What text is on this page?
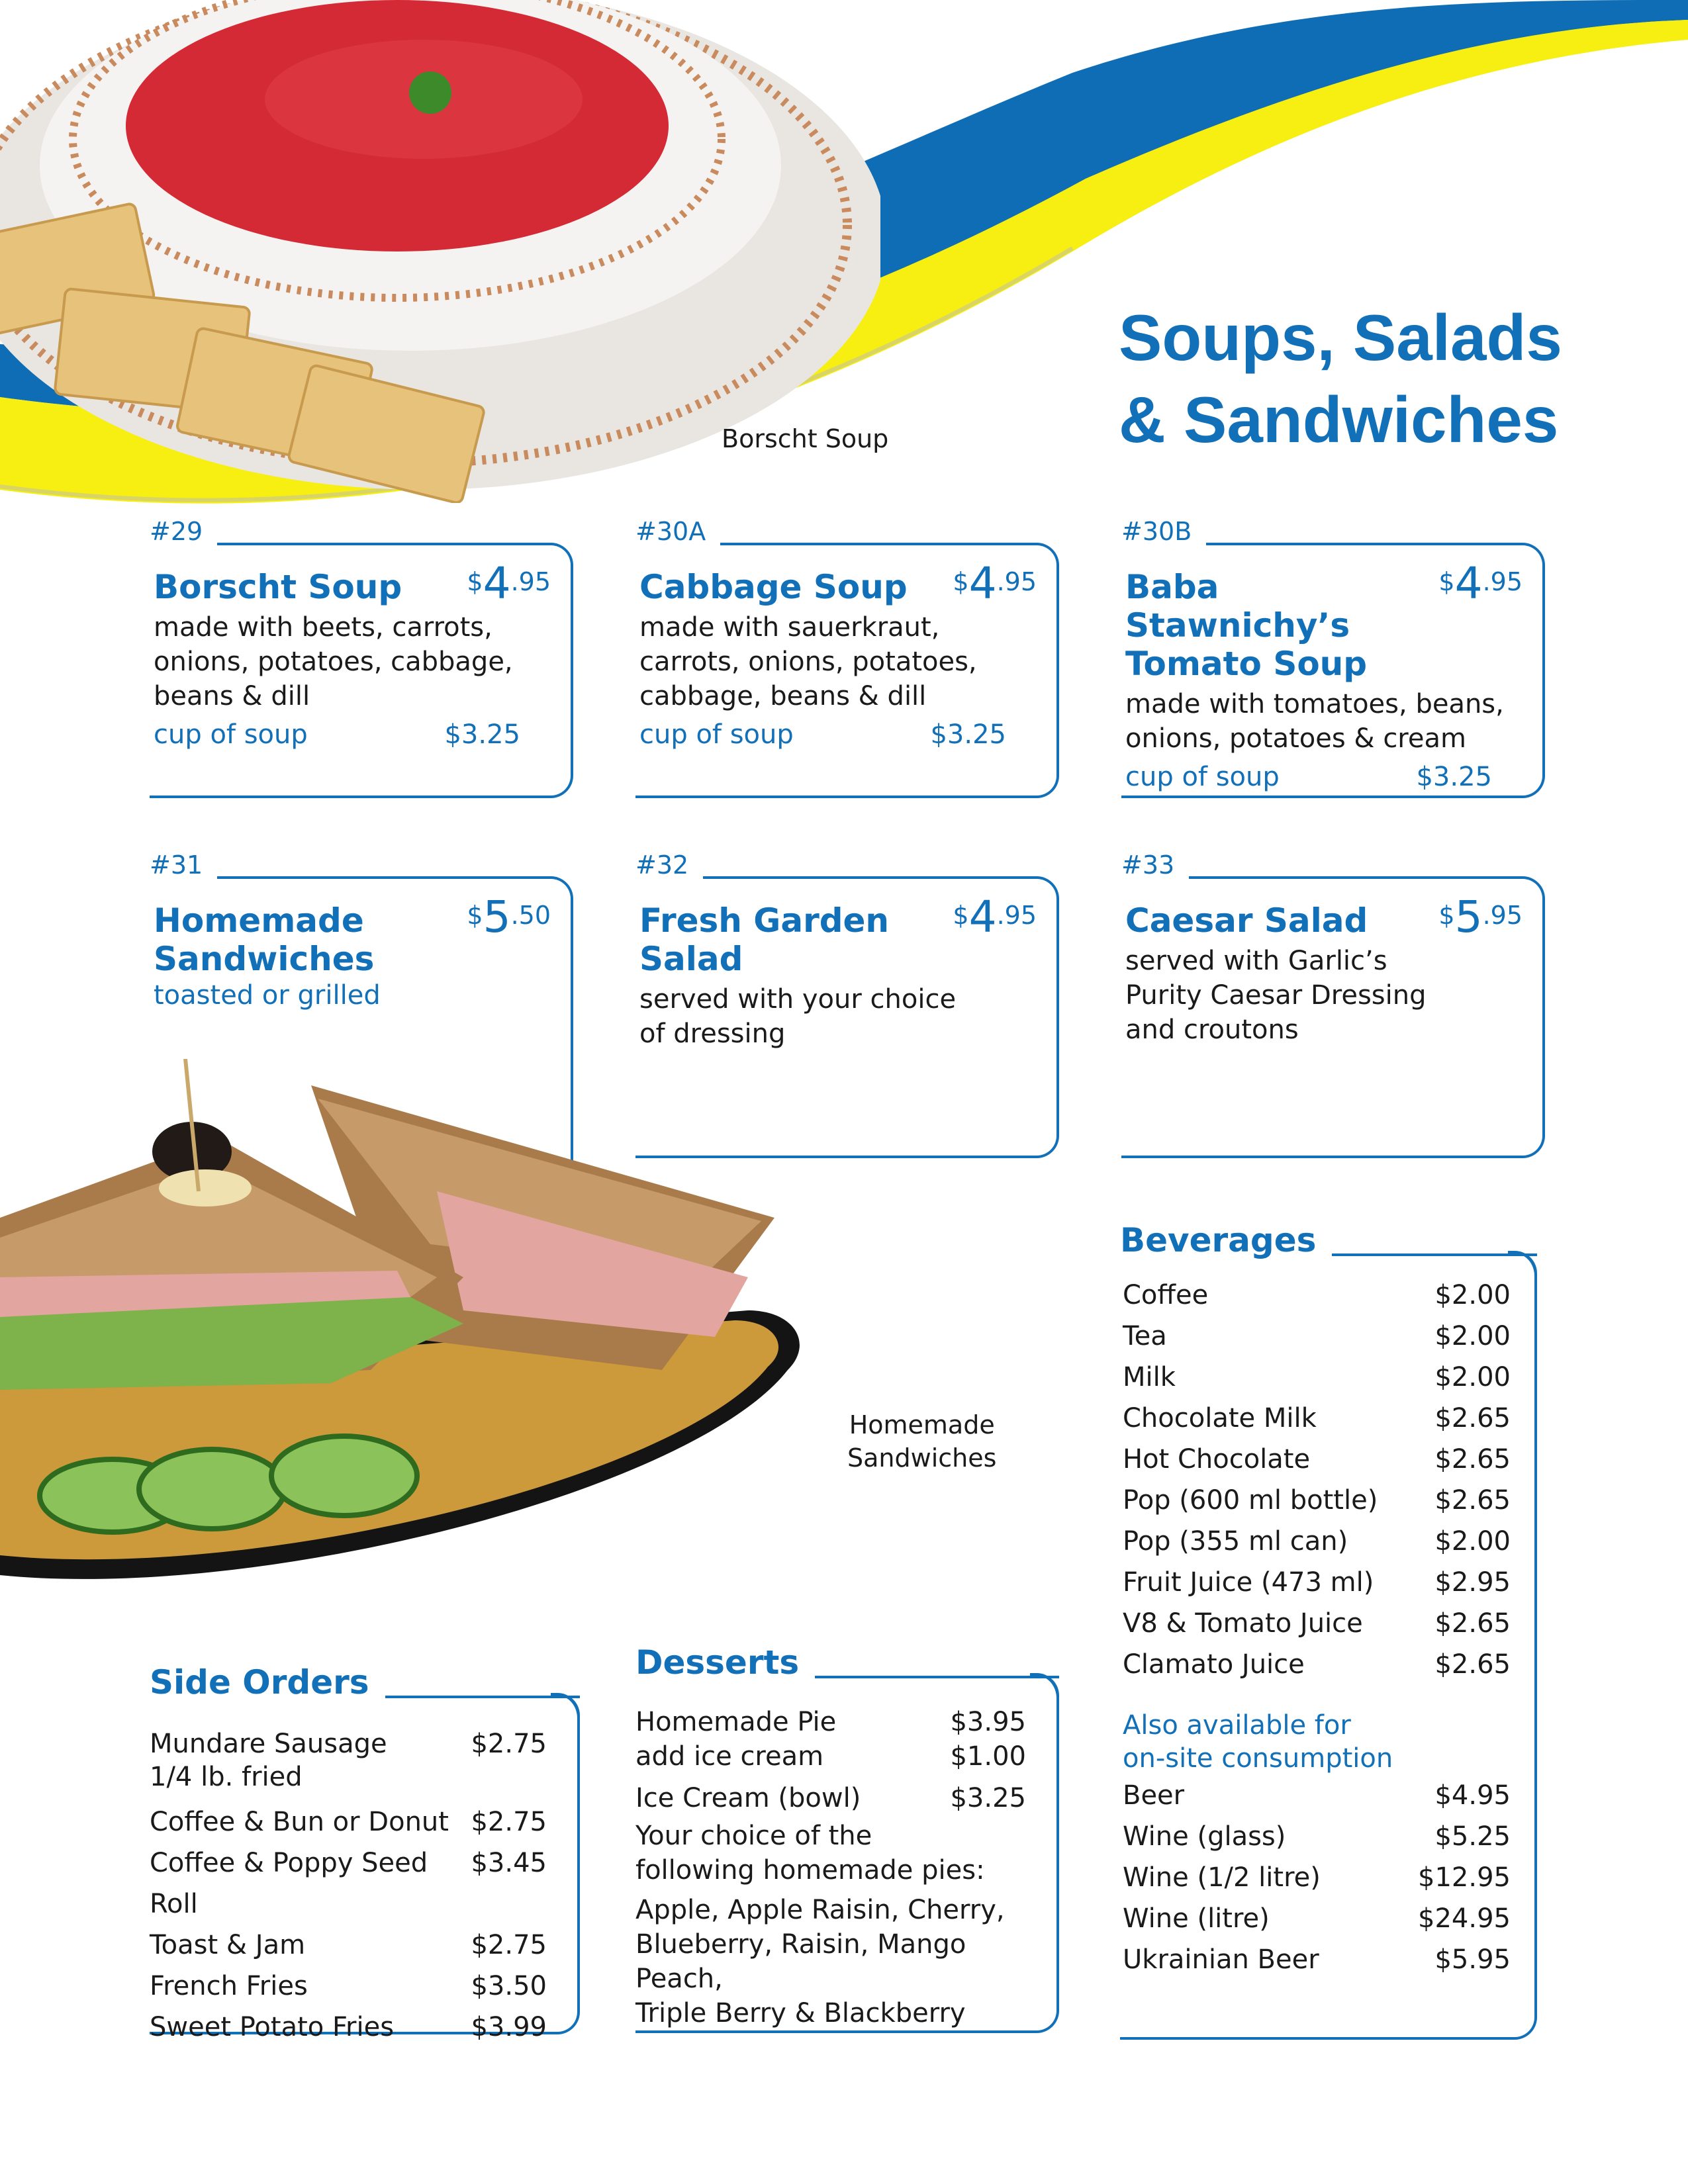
Borscht Soup
Soups, Salads
& Sandwiches
#29
Borscht Soup	$4.95
made with beets, carrots,
onions, potatoes, cabbage,
beans & dill
cup of soup	$3.25
#30A
Cabbage Soup $4.95
made with sauerkraut,
carrots, onions, potatoes,
cabbage, beans & dill
cup of soup	$3.25
#30B
Baba Stawnichy’s
Tomato Soup
$4.95
made with tomatoes, beans,
onions, potatoes & cream
cup of soup	$3.25
#31
Homemade
Sandwiches
$5.50
toasted or grilled
#32
Fresh Garden
Salad
$4.95
served with your choice
of dressing
#33
Caesar Salad	$5.95
served with Garlic’s
Purity Caesar Dressing
and croutons
Homemade
Sandwiches
Side Orders
Mundare Sausage
1/4 lb. fried
$2.75
Coffee & Bun or Donut $2.75
Coffee & Poppy Seed Roll
$3.45
Toast & Jam	$2.75
French Fries	$3.50
Sweet Potato Fries	$3.99
Desserts
Homemade Pie	$3.95
add ice cream	$1.00
Ice Cream (bowl)	$3.25
Your choice of the
following homemade pies:
Apple, Apple Raisin, Cherry,
Blueberry, Raisin, Mango Peach,
Triple Berry & Blackberry
Beverages
Coffee	$2.00
Tea	$2.00
Milk	$2.00
Chocolate Milk	$2.65
Hot Chocolate	$2.65
Pop (600 ml bottle) $2.65
Pop (355 ml can)	$2.00
Fruit Juice (473 ml) $2.95
V8 & Tomato Juice	$2.65
Clamato Juice	$2.65
Also available for
on-site consumption
Beer	$4.95
Wine (glass)	$5.25
Wine (1/2 litre)	$12.95
Wine (litre)	$24.95
Ukrainian Beer	$5.95
